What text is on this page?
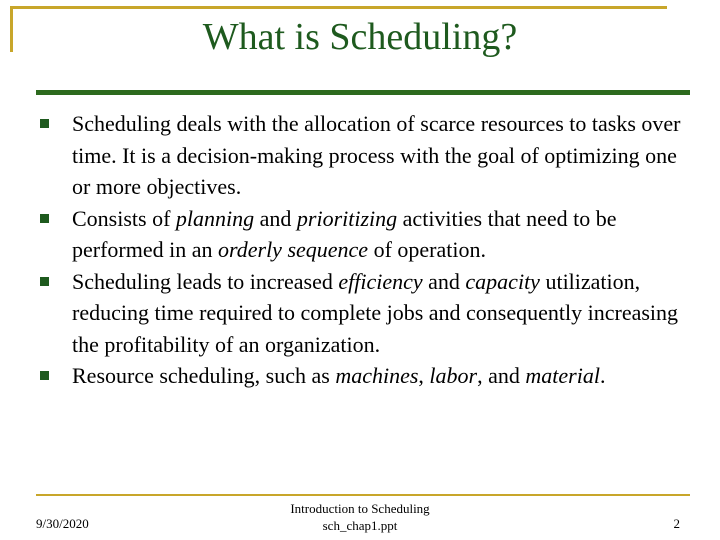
What is Scheduling?
Scheduling deals with the allocation of scarce resources to tasks over time. It is a decision-making process with the goal of optimizing one or more objectives.
Consists of planning and prioritizing activities that need to be performed in an orderly sequence of operation.
Scheduling leads to increased efficiency and capacity utilization, reducing time required to complete jobs and consequently increasing the profitability of an organization.
Resource scheduling, such as machines, labor, and material.
9/30/2020
Introduction to Scheduling
sch_chap1.ppt	2
